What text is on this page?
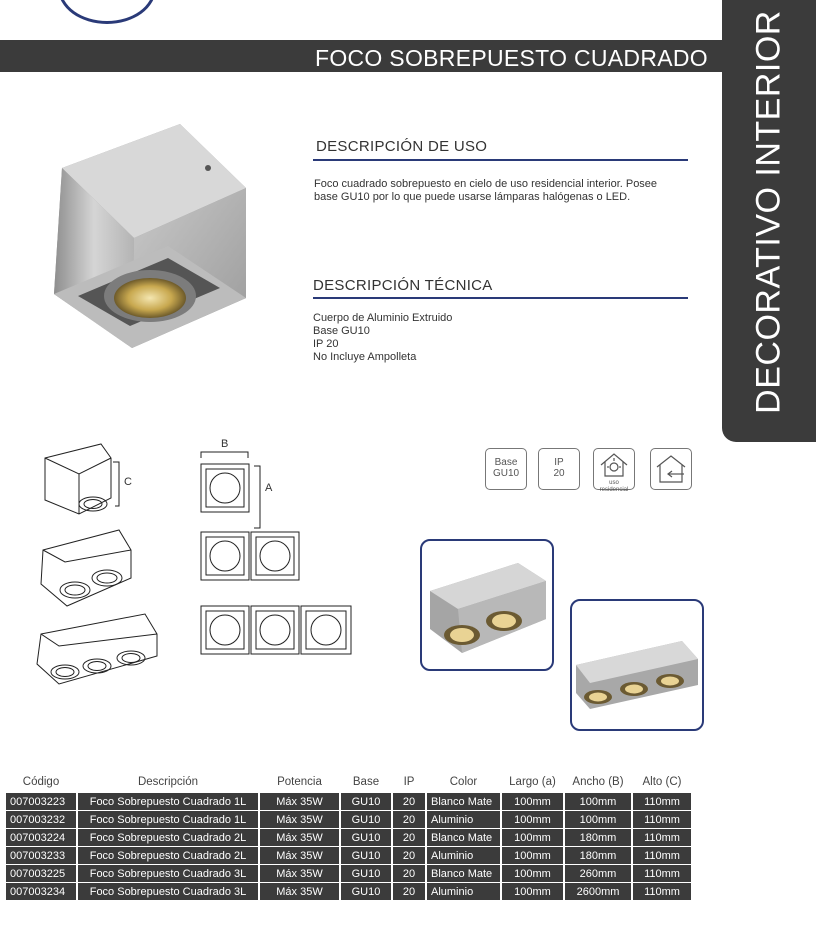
FOCO SOBREPUESTO CUADRADO DECORATIVO INTERIOR
DESCRIPCIÓN DE USO
Foco cuadrado sobrepuesto en cielo de uso residencial interior. Posee base GU10 por lo que puede usarse lámparas halógenas o LED.
DESCRIPCIÓN TÉCNICA
Cuerpo de Aluminio Extruido
Base GU10
IP 20
No Incluye Ampolleta
C
B
A
Base
GU10
IP
20
uso residencial
Código	Descripción	Potencia	Base	IP	Color	Largo (a)	Ancho (B)	Alto (C)
007003223	Foco Sobrepuesto Cuadrado 1L	Máx 35W	GU10	20	Blanco Mate	100mm	100mm	110mm
007003232	Foco Sobrepuesto Cuadrado 1L	Máx 35W	GU10	20	Aluminio	100mm	100mm	110mm
007003224	Foco Sobrepuesto Cuadrado 2L	Máx 35W	GU10	20	Blanco Mate	100mm	180mm	110mm
007003233	Foco Sobrepuesto Cuadrado 2L	Máx 35W	GU10	20	Aluminio	100mm	180mm	110mm
007003225	Foco Sobrepuesto Cuadrado 3L	Máx 35W	GU10	20	Blanco Mate	100mm	260mm	110mm
007003234	Foco Sobrepuesto Cuadrado 3L	Máx 35W	GU10	20	Aluminio	100mm	2600mm	110mm
